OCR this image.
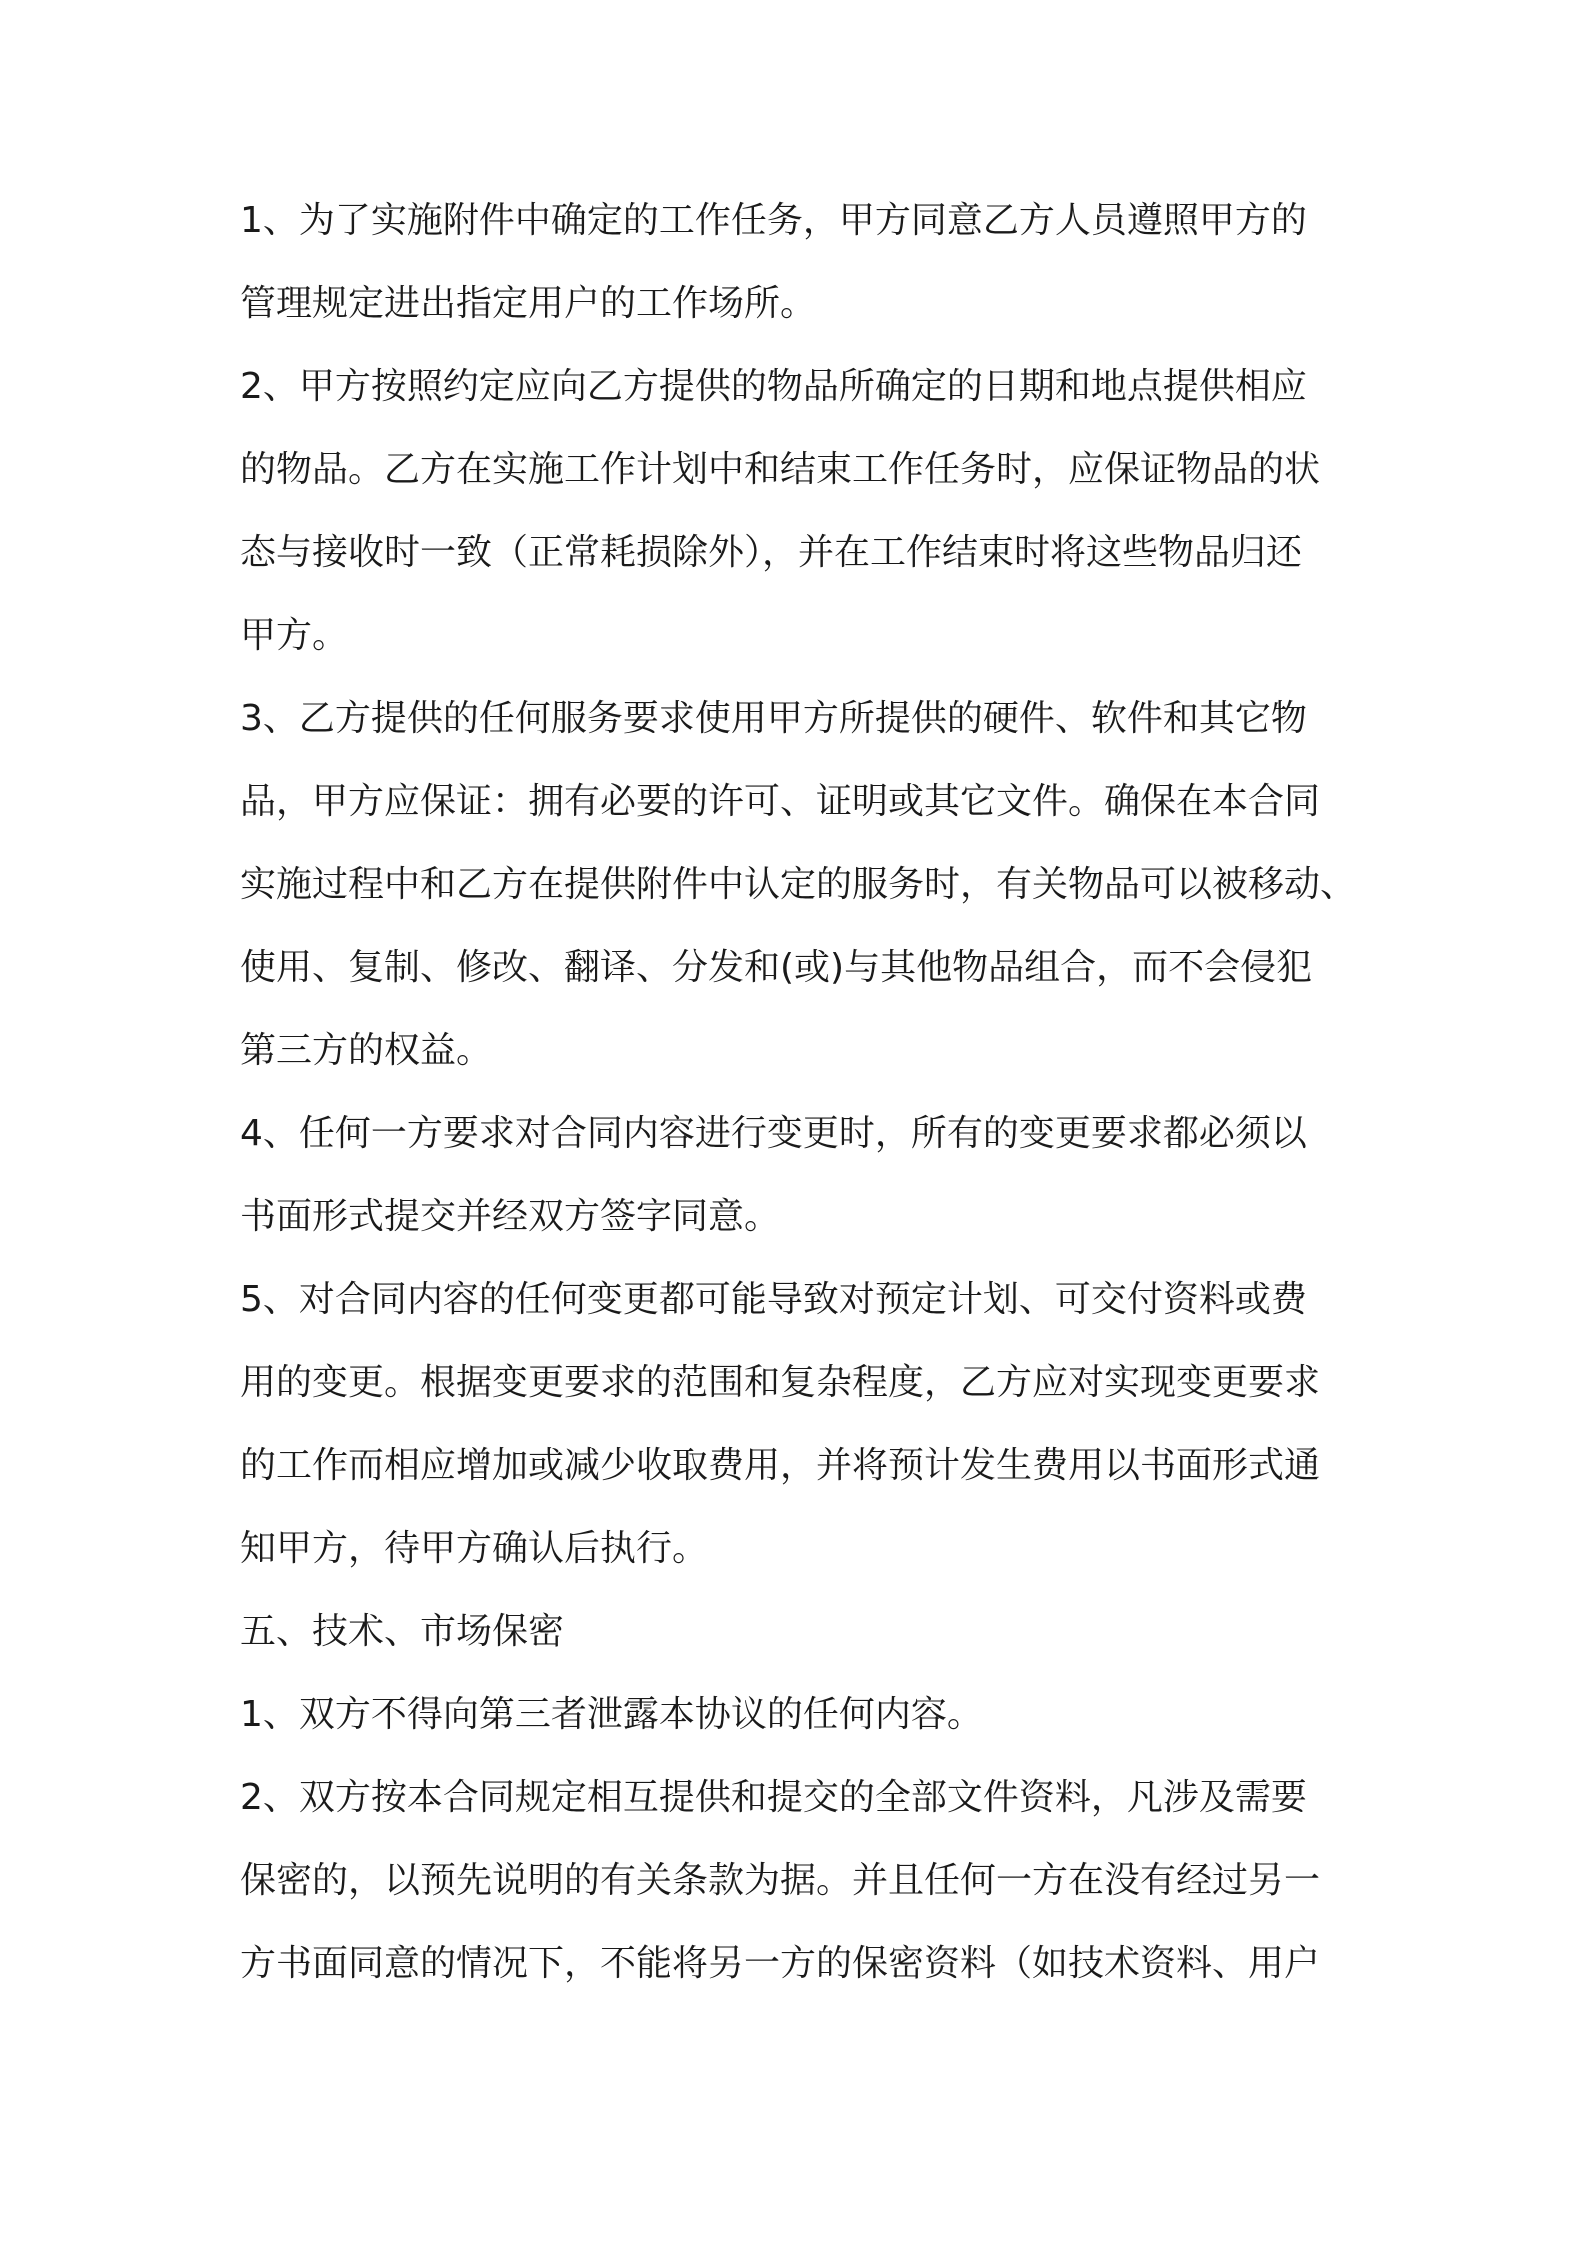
1、为了实施附件中确定的工作任务，甲方同意乙方人员遵照甲方的
管理规定进出指定用户的工作场所。
2、甲方按照约定应向乙方提供的物品所确定的日期和地点提供相应
的物品。乙方在实施工作计划中和结束工作任务时，应保证物品的状
态与接收时一致（正常耗损除外），并在工作结束时将这些物品归还
甲方。
3、乙方提供的任何服务要求使用甲方所提供的硬件、软件和其它物
品，甲方应保证：拥有必要的许可、证明或其它文件。确保在本合同
实施过程中和乙方在提供附件中认定的服务时，有关物品可以被移动、
使用、复制、修改、翻译、分发和(或)与其他物品组合，而不会侵犯
第三方的权益。
4、任何一方要求对合同内容进行变更时，所有的变更要求都必须以
书面形式提交并经双方签字同意。
5、对合同内容的任何变更都可能导致对预定计划、可交付资料或费
用的变更。根据变更要求的范围和复杂程度，乙方应对实现变更要求
的工作而相应增加或减少收取费用，并将预计发生费用以书面形式通
知甲方，待甲方确认后执行。
五、技术、市场保密
1、双方不得向第三者泄露本协议的任何内容。
2、双方按本合同规定相互提供和提交的全部文件资料，凡涉及需要
保密的，以预先说明的有关条款为据。并且任何一方在没有经过另一
方书面同意的情况下，不能将另一方的保密资料（如技术资料、用户
